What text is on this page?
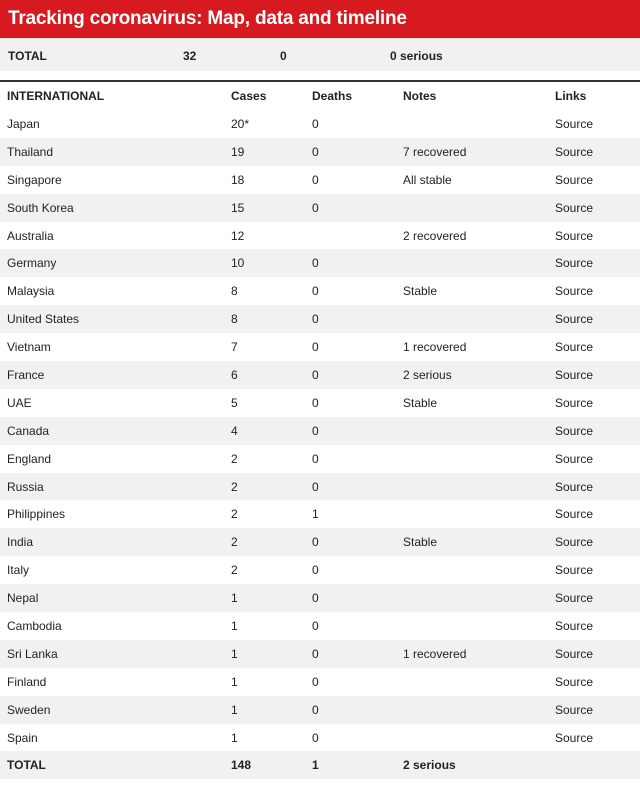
Tracking coronavirus: Map, data and timeline
TOTAL	32	0	0 serious
INTERNATIONAL	Cases	Deaths	Notes	Links
Japan	20*	0		Source
Thailand	19	0	7 recovered	Source
Singapore	18	0	All stable	Source
South Korea	15	0		Source
Australia	12		2 recovered	Source
Germany	10	0		Source
Malaysia	8	0	Stable	Source
United States	8	0		Source
Vietnam	7	0	1 recovered	Source
France	6	0	2 serious	Source
UAE	5	0	Stable	Source
Canada	4	0		Source
England	2	0		Source
Russia	2	0		Source
Philippines	2	1		Source
India	2	0	Stable	Source
Italy	2	0		Source
Nepal	1	0		Source
Cambodia	1	0		Source
Sri Lanka	1	0	1 recovered	Source
Finland	1	0		Source
Sweden	1	0		Source
Spain	1	0		Source
TOTAL	148	1	2 serious	
